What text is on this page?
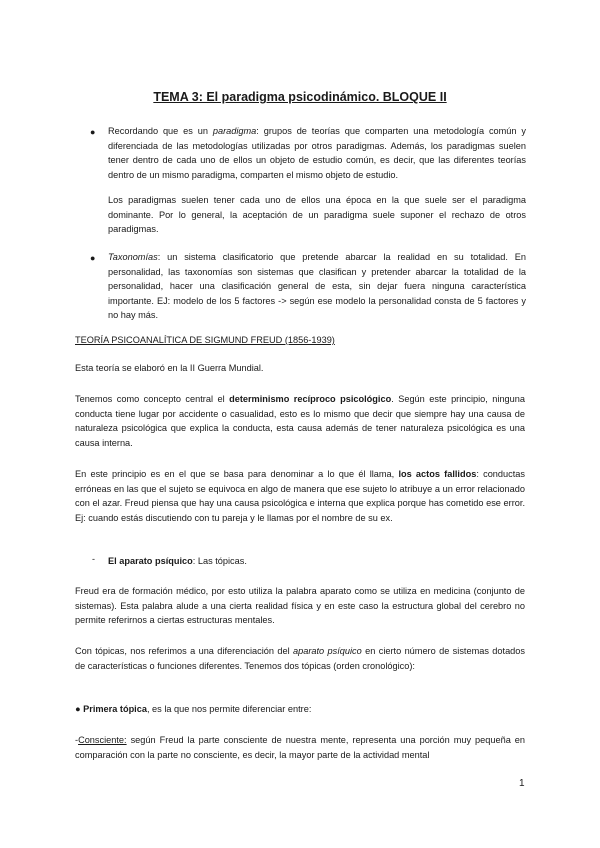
TEMA 3: El paradigma psicodinámico. BLOQUE II
● Recordando que es un paradigma: grupos de teorías que comparten una metodología común y diferenciada de las metodologías utilizadas por otros paradigmas. Además, los paradigmas suelen tener dentro de cada uno de ellos un objeto de estudio común, es decir, que las diferentes teorías dentro de un mismo paradigma, comparten el mismo objeto de estudio.

Los paradigmas suelen tener cada uno de ellos una época en la que suele ser el paradigma dominante. Por lo general, la aceptación de un paradigma suele suponer el rechazo de otros paradigmas.

● Taxonomías: un sistema clasificatorio que pretende abarcar la realidad en su totalidad. En personalidad, las taxonomías son sistemas que clasifican y pretender abarcar la totalidad de la personalidad, hacer una clasificación general de esta, sin dejar fuera ninguna característica importante. EJ: modelo de los 5 factores -> según ese modelo la personalidad consta de 5 factores y no hay más.

TEORÍA PSICOANALÍTICA DE SIGMUND FREUD (1856-1939)

Esta teoría se elaboró en la II Guerra Mundial.

Tenemos como concepto central el determinismo recíproco psicológico. Según este principio, ninguna conducta tiene lugar por accidente o casualidad, esto es lo mismo que decir que siempre hay una causa de naturaleza psicológica que explica la conducta, esta causa además de tener naturaleza psicológica es una causa interna.

En este principio es en el que se basa para denominar a lo que él llama, los actos fallidos: conductas erróneas en las que el sujeto se equivoca en algo de manera que ese sujeto lo atribuye a un error relacionado con el azar. Freud piensa que hay una causa psicológica e interna que explica porque has cometido ese error. Ej: cuando estás discutiendo con tu pareja y le llamas por el nombre de su ex.

- El aparato psíquico: Las tópicas.

Freud era de formación médico, por esto utiliza la palabra aparato como se utiliza en medicina (conjunto de sistemas). Esta palabra alude a una cierta realidad física y en este caso la estructura global del cerebro no permite referirnos a ciertas estructuras mentales.

Con tópicas, nos referimos a una diferenciación del aparato psíquico en cierto número de sistemas dotados de características o funciones diferentes. Tenemos dos tópicas (orden cronológico):

● Primera tópica, es la que nos permite diferenciar entre:

-Consciente: según Freud la parte consciente de nuestra mente, representa una porción muy pequeña en comparación con la parte no consciente, es decir, la mayor parte de la actividad mental

1
